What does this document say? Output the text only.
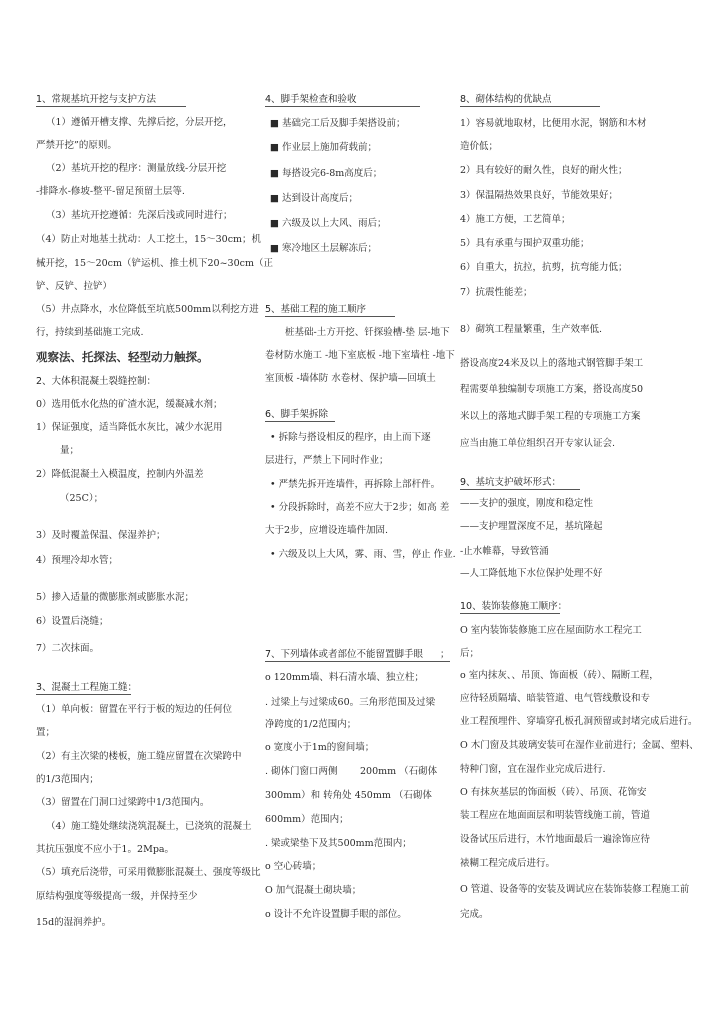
1、常规基坑开挖与支护方法
（1）遵循开槽支撑、先撑后挖，分层开挖，
严禁开挖”的原则。
（2）基坑开挖的程序：测量放线-分层开挖
-排降水-修坡-整平-留足预留土层等.
（3）基坑开挖遵循：先深后浅或同时进行；
（4）防止对地基土扰动：人工挖土，15～30cm；机
械开挖，15～20cm（铲运机、推土机下20~30cm（正
铲、反铲、拉铲）
（5）井点降水，水位降低至坑底500mm以利挖方进
行，持续到基础施工完成.
观察法、托探法、轻型动力触探。
2、大体积混凝土裂缝控制：
0）选用低水化热的矿渣水泥，缓凝减水剂；
1）保证强度，适当降低水灰比，减少水泥用
量；
2）降低混凝土入模温度，控制内外温差
（25C）；
3）及时覆盖保温、保湿养护；
4）预埋冷却水管；
5）掺入适量的微膨胀剂或膨胀水泥；
6）设置后浇缝；
7）二次抹面。
3、混凝土工程施工缝：
（1）单向板：留置在平行于板的短边的任何位
置；
（2）有主次梁的楼板，施工缝应留置在次梁跨中
的1/3范围内；
（3）留置在门洞口过梁跨中1/3范围内。
（4）施工缝处继续浇筑混凝土，已浇筑的混凝土
其抗压强度不应小于1。2Mpa。
（5）填充后浇带，可采用微膨胀混凝土、强度等级比
原结构强度等级提高一级，并保持至少
15d的湿润养护。
4、脚手架检查和验收
■ 基础完工后及脚手架搭设前；
■ 作业层上施加荷载前；
■ 每搭设完6-8m高度后；
■ 达到设计高度后；
■ 六级及以上大风、雨后；
■ 寒冷地区土层解冻后；
5、基础工程的施工顺序
桩基础-土方开挖、钎探验槽-垫 层-地下
卷材防水施工 -地下室底板 -地下室墙柱 -地下
室顶板 -墙体防 水卷材、保护墙—回填土
6、脚手架拆除
• 拆除与搭设相反的程序，由上而下逐
层进行，严禁上下同时作业；
• 严禁先拆开连墙件，再拆除上部杆件。
• 分段拆除时，高差不应大于2步；如高 差
大于2步，应增设连墙件加固.
• 六级及以上大风，雾、雨、雪，停止 作业.
7、下列墙体或者部位不能留置脚手眼 ；
o 120mm墙、料石清水墙、独立柱；
. 过梁上与过梁成60。三角形范围及过梁
净跨度的1/2范围内；
o 宽度小于1m的窗间墙；
. 砌体门窗口两侧 200mm （石砌体
300mm）和 转角处 450mm （石砌体
600mm）范围内；
. 梁或梁垫下及其500mm范围内；
o 空心砖墙；
O 加气混凝土砌块墙；
o 设计不允许设置脚手眼的部位。
8、砌体结构的优缺点
1）容易就地取材，比便用水泥，钢筋和木材
造价低；
2）具有较好的耐久性，良好的耐火性；
3）保温隔热效果良好，节能效果好；
4）施工方便，工艺简单；
5）具有承重与围护双重功能；
6）自重大，抗拉，抗剪，抗弯能力低；
7）抗震性能差；
8）砌筑工程量繁重，生产效率低.
搭设高度24米及以上的落地式钢管脚手架工
程需要单独编制专项施工方案，搭设高度50
米以上的落地式脚手架工程的专项施工方案
应当由施工单位组织召开专家认证会.
9、基坑支护破坏形式：
——支护的强度，刚度和稳定性
——支护埋置深度不足，基坑隆起
-止水帷幕，导致管涌
—人工降低地下水位保护处理不好
10、装饰装修施工顺序：
O 室内装饰装修施工应在屋面防水工程完工
后；
o 室内抹灰、、吊顶、饰面板（砖）、隔断工程，
应待轻质隔墙、暗装管道、电气管线敷设和专
业工程预埋件、穿墙穿孔板孔洞预留或封堵完成后进行。
O 木门窗及其玻璃安装可在湿作业前进行；金属、塑料、
特种门窗，宜在湿作业完成后进行.
O 有抹灰基层的饰面板（砖）、吊顶、花饰安
装工程应在地面面层和明装管线施工前，管道
设备试压后进行，木竹地面最后一遍涂饰应待
裱糊工程完成后进行。
O 管道、设备等的安装及调试应在装饰装修工程施工前
完成。
